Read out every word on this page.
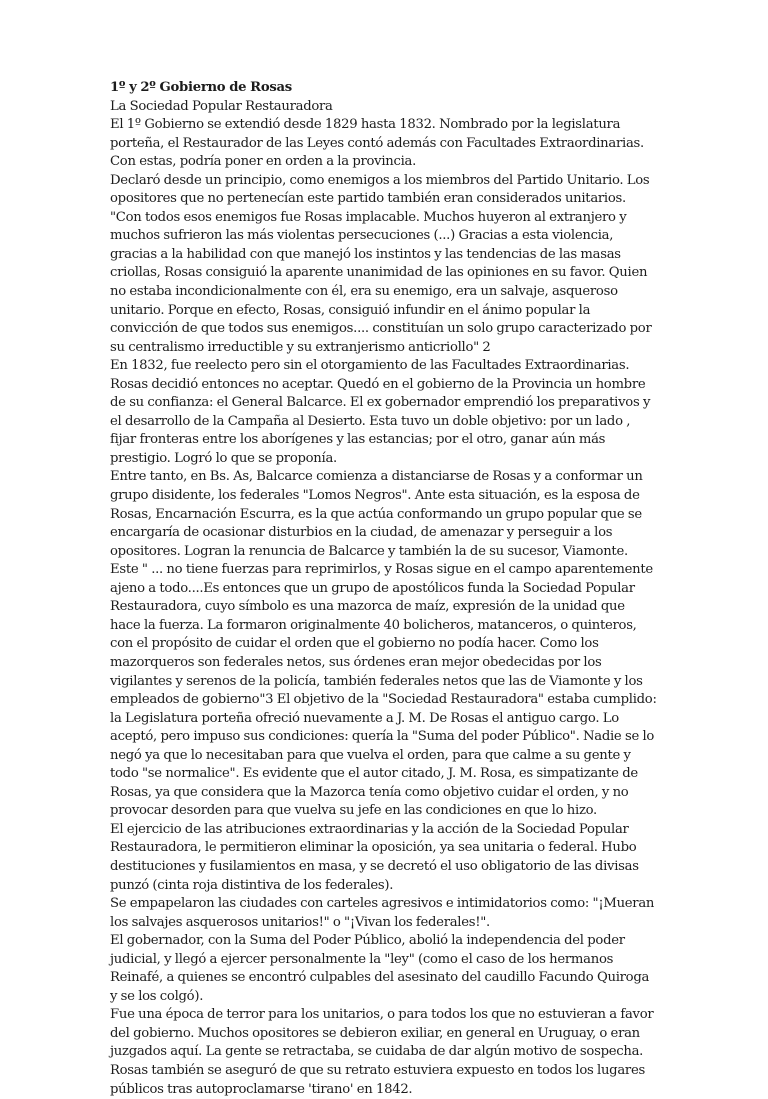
1º y 2º Gobierno de Rosas

La Sociedad Popular Restauradora

El 1º Gobierno se extendió desde 1829 hasta 1832. Nombrado por la legislatura porteña, el Restaurador de las Leyes contó además con Facultades Extraordinarias. Con estas, podría poner en orden a la provincia.

Declaró desde un principio, como enemigos a los miembros del Partido Unitario. Los opositores que no pertenecían este partido también eran considerados unitarios. "Con todos esos enemigos fue Rosas implacable. Muchos huyeron al extranjero y muchos sufrieron las más violentas persecuciones (...) Gracias a esta violencia, gracias a la habilidad con que manejó los instintos y las tendencias de las masas criollas, Rosas consiguió la aparente unanimidad de las opiniones en su favor. Quien no estaba incondicionalmente con él, era su enemigo, era un salvaje, asqueroso unitario. Porque en efecto, Rosas, consiguió infundir en el ánimo popular la convicción de que todos sus enemigos.... constituían un solo grupo caracterizado por su centralismo irreductible y su extranjerismo anticriollo" 2

En 1832, fue reelecto pero sin el otorgamiento de las Facultades Extraordinarias. Rosas decidió entonces no aceptar. Quedó en el gobierno de la Provincia un hombre de su confianza: el General Balcarce. El ex gobernador emprendió los preparativos y el desarrollo de la Campaña al Desierto. Esta tuvo un doble objetivo: por un lado , fijar fronteras entre los aborígenes y las estancias; por el otro, ganar aún más prestigio. Logró lo que se proponía.

Entre tanto, en Bs. As, Balcarce comienza a distanciarse de Rosas y a conformar un grupo disidente, los federales "Lomos Negros". Ante esta situación, es la esposa de Rosas, Encarnación Escurra, es la que actúa conformando un grupo popular que se encargaría de ocasionar disturbios en la ciudad, de amenazar y perseguir a los opositores. Logran la renuncia de Balcarce y también la de su sucesor, Viamonte. Este " ... no tiene fuerzas para reprimirlos, y Rosas sigue en el campo aparentemente ajeno a todo....Es entonces que un grupo de apostólicos funda la Sociedad Popular Restauradora, cuyo símbolo es una mazorca de maíz, expresión de la unidad que hace la fuerza. La formaron originalmente 40 bolicheros, matanceros, o quinteros, con el propósito de cuidar el orden que el gobierno no podía hacer. Como los mazorqueros son federales netos, sus órdenes eran mejor obedecidas por los vigilantes y serenos de la policía, también federales netos que las de Viamonte y los empleados de gobierno"3 El objetivo de la "Sociedad Restauradora" estaba cumplido: la Legislatura porteña ofreció nuevamente a J. M. De Rosas el antiguo cargo. Lo aceptó, pero impuso sus condiciones: quería la "Suma del poder Público". Nadie se lo negó ya que lo necesitaban para que vuelva el orden, para que calme a su gente y todo "se normalice". Es evidente que el autor citado, J. M. Rosa, es simpatizante de Rosas, ya que considera que la Mazorca tenía como objetivo cuidar el orden, y no provocar desorden para que vuelva su jefe en las condiciones en que lo hizo.

El ejercicio de las atribuciones extraordinarias y la acción de la Sociedad Popular Restauradora, le permitieron eliminar la oposición, ya sea unitaria o federal. Hubo destituciones y fusilamientos en masa, y se decretó el uso obligatorio de las divisas punzó (cinta roja distintiva de los federales).

Se empapelaron las ciudades con carteles agresivos e intimidatorios como: "¡Mueran los salvajes asquerosos unitarios!" o "¡Vivan los federales!".

El gobernador, con la Suma del Poder Público, abolió la independencia del poder judicial, y llegó a ejercer personalmente la "ley" (como el caso de los hermanos Reinafé, a quienes se encontró culpables del asesinato del caudillo Facundo Quiroga y se los colgó).

Fue una época de terror para los unitarios, o para todos los que no estuvieran a favor del gobierno. Muchos opositores se debieron exiliar, en general en Uruguay, o eran juzgados aquí. La gente se retractaba, se cuidaba de dar algún motivo de sospecha. Rosas también se aseguró de que su retrato estuviera expuesto en todos los lugares públicos tras autoproclamarse 'tirano' en 1842.
